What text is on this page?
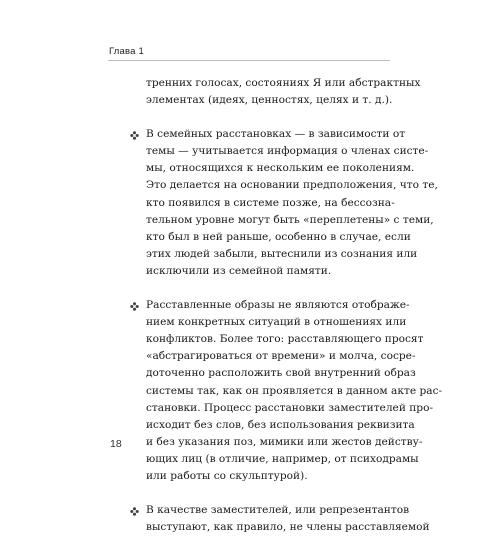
Глава 1

тренних голосах, состояниях Я или абстрактных
элементах (идеях, ценностях, целях и т. д.).

В семейных расстановках — в зависимости от
темы — учитывается информация о членах систе-
мы, относящихся к нескольким ее поколениям.
Это делается на основании предположения, что те,
кто появился в системе позже, на бессозна-
тельном уровне могут быть «переплетены» с теми,
кто был в ней раньше, особенно в случае, если
этих людей забыли, вытеснили из сознания или
исключили из семейной памяти.

Расставленные образы не являются отображе-
нием конкретных ситуаций в отношениях или
конфликтов. Более того: расставляющего просят
«абстрагироваться от времени» и молча, сосре-
доточенно расположить свой внутренний образ
системы так, как он проявляется в данном акте рас-
становки. Процесс расстановки заместителей про-
исходит без слов, без использования реквизита
и без указания поз, мимики или жестов действу-
ющих лиц (в отличие, например, от психодрамы
или работы со скульптурой).

В качестве заместителей, или репрезентантов
выступают, как правило, не члены расставляемой

18
